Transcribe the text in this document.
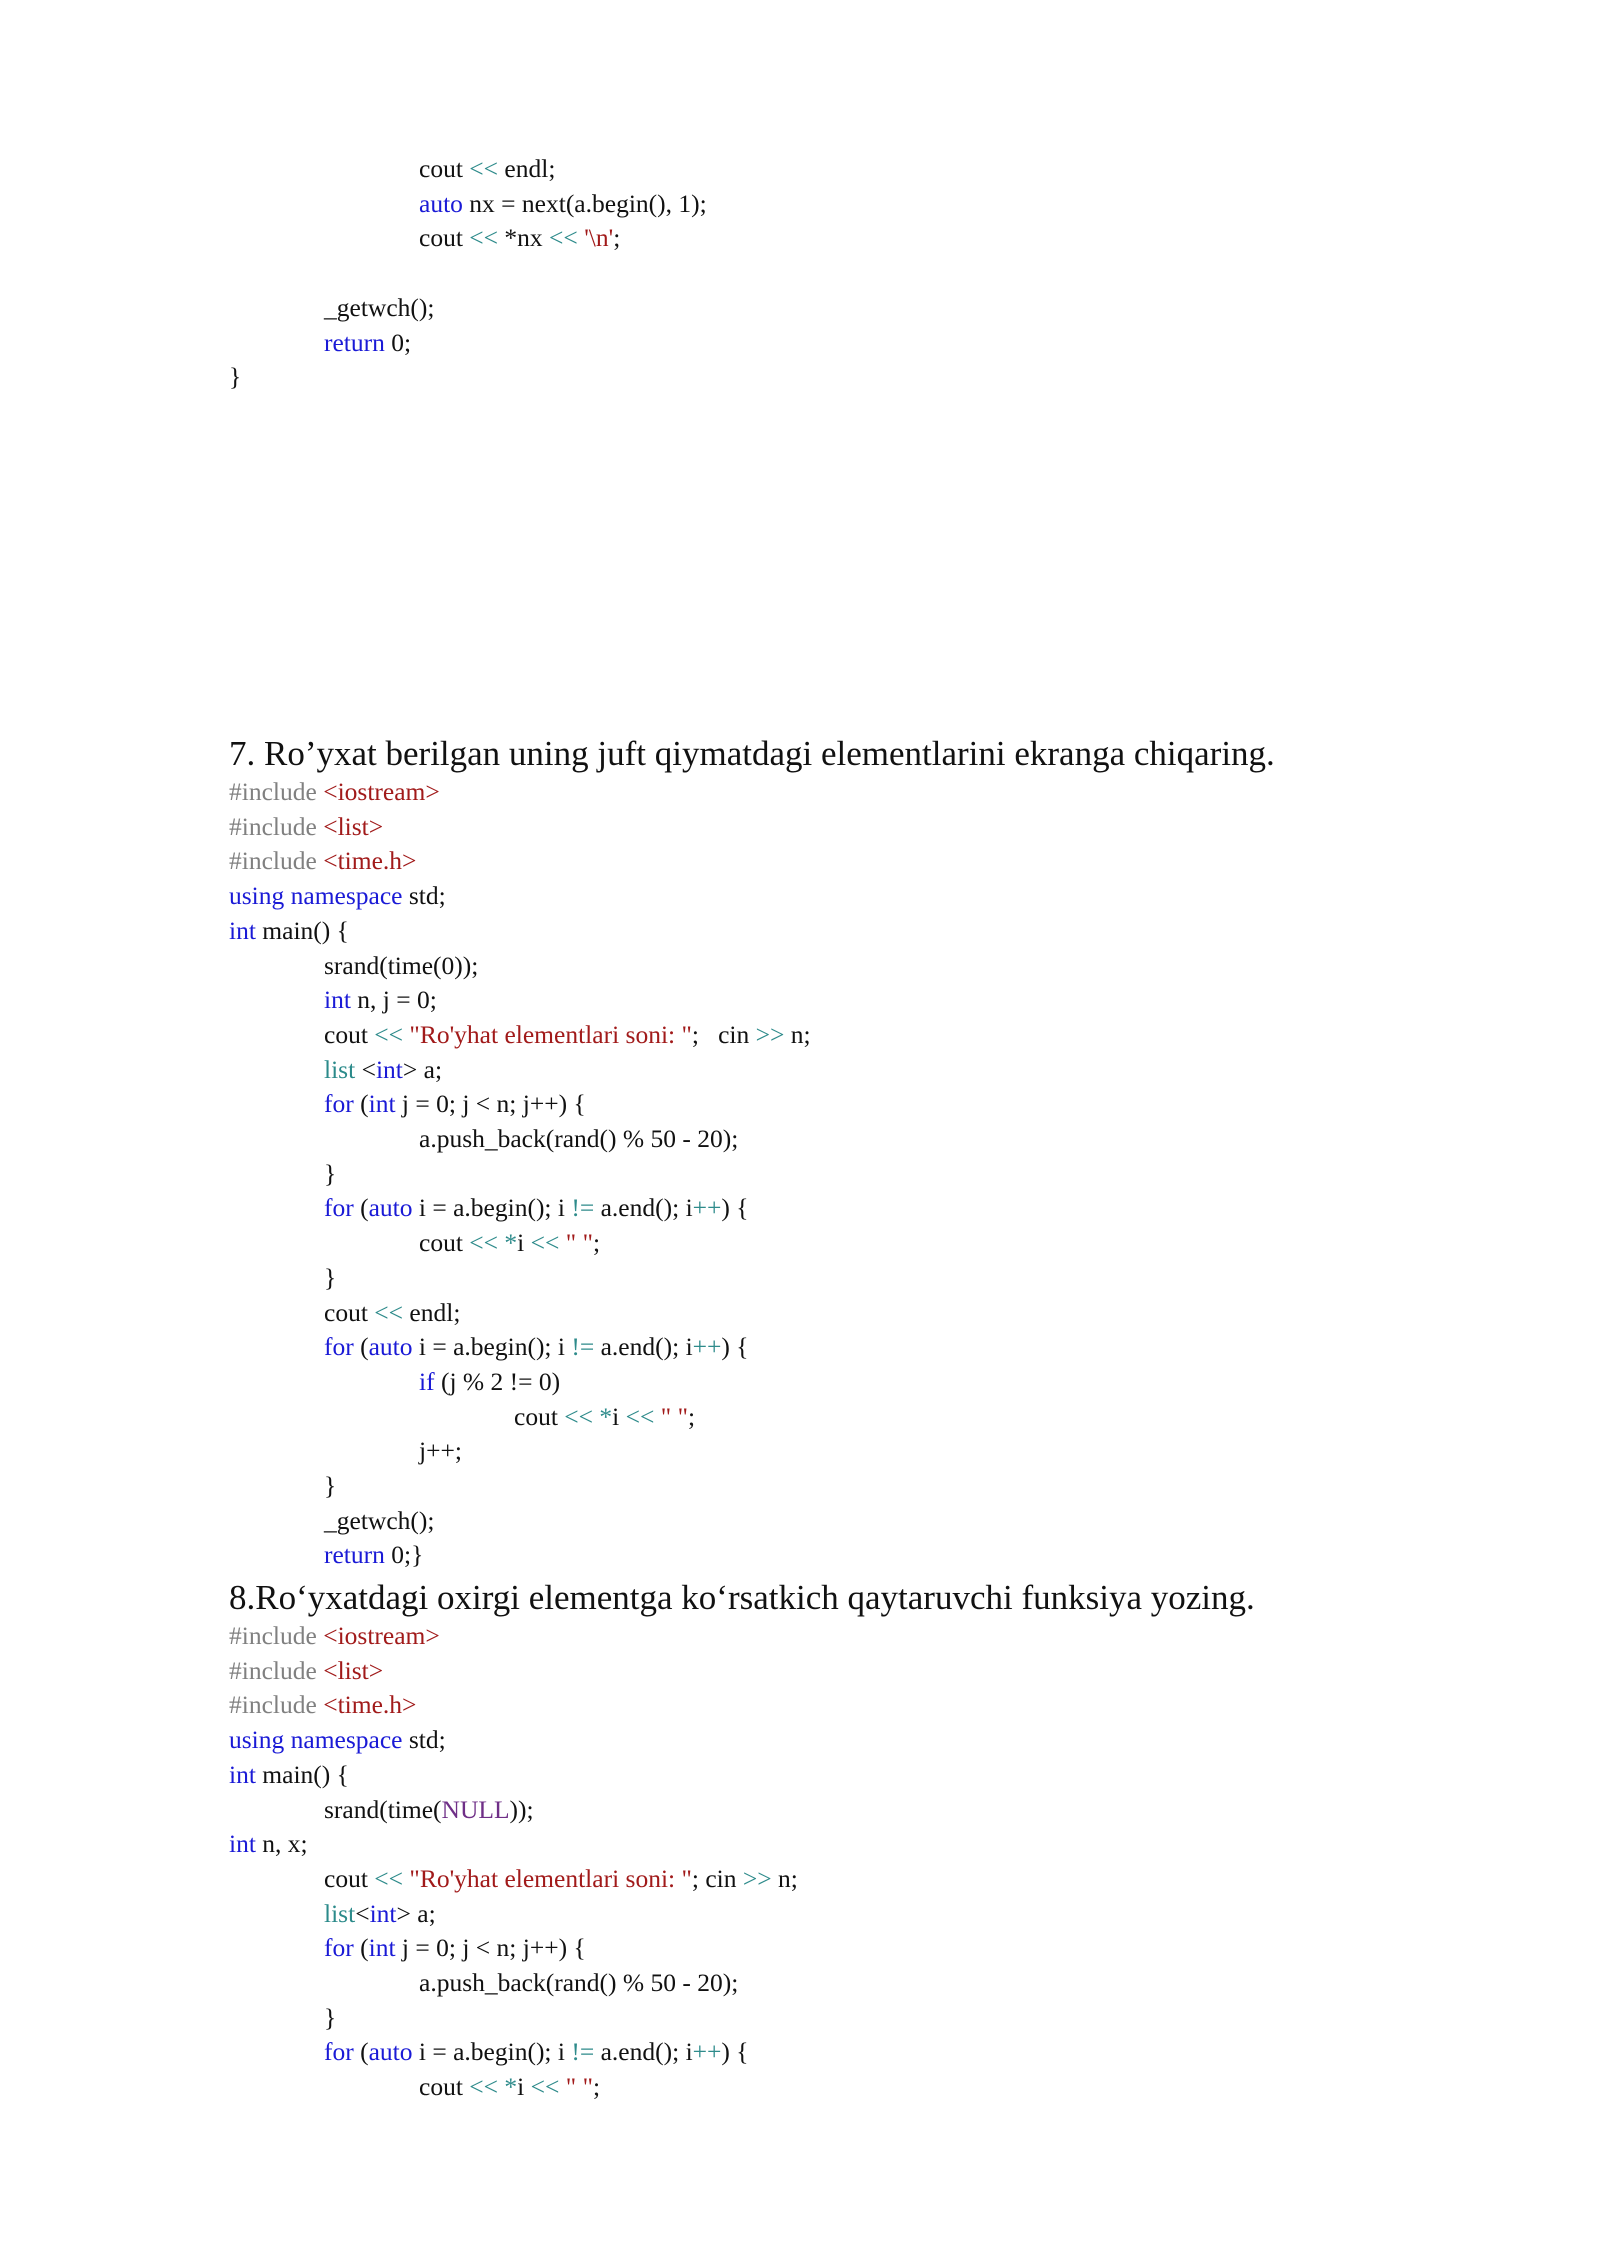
cout << endl;
auto nx = next(a.begin(), 1);
cout << *nx << '\n';
_getwch();
return 0;
}
7. Ro’yxat berilgan uning juft qiymatdagi elementlarini ekranga chiqaring.
#include <iostream>
#include <list>
#include <time.h>
using namespace std;
int main() {
srand(time(0));
int n, j = 0;
cout << "Ro'yhat elementlari soni: ";   cin >> n;
list <int> a;
for (int j = 0; j < n; j++) {
a.push_back(rand() % 50 - 20);
}
for (auto i = a.begin(); i != a.end(); i++) {
cout << *i << " ";
}
cout << endl;
for (auto i = a.begin(); i != a.end(); i++) {
if (j % 2 != 0)
cout << *i << " ";
j++;
}
_getwch();
return 0;}
8.Ro‘yxatdagi oxirgi elementga ko‘rsatkich qaytaruvchi funksiya yozing.
#include <iostream>
#include <list>
#include <time.h>
using namespace std;
int main() {
srand(time(NULL));
int n, x;
cout << "Ro'yhat elementlari soni: "; cin >> n;
list<int> a;
for (int j = 0; j < n; j++) {
a.push_back(rand() % 50 - 20);
}
for (auto i = a.begin(); i != a.end(); i++) {
cout << *i << " ";
